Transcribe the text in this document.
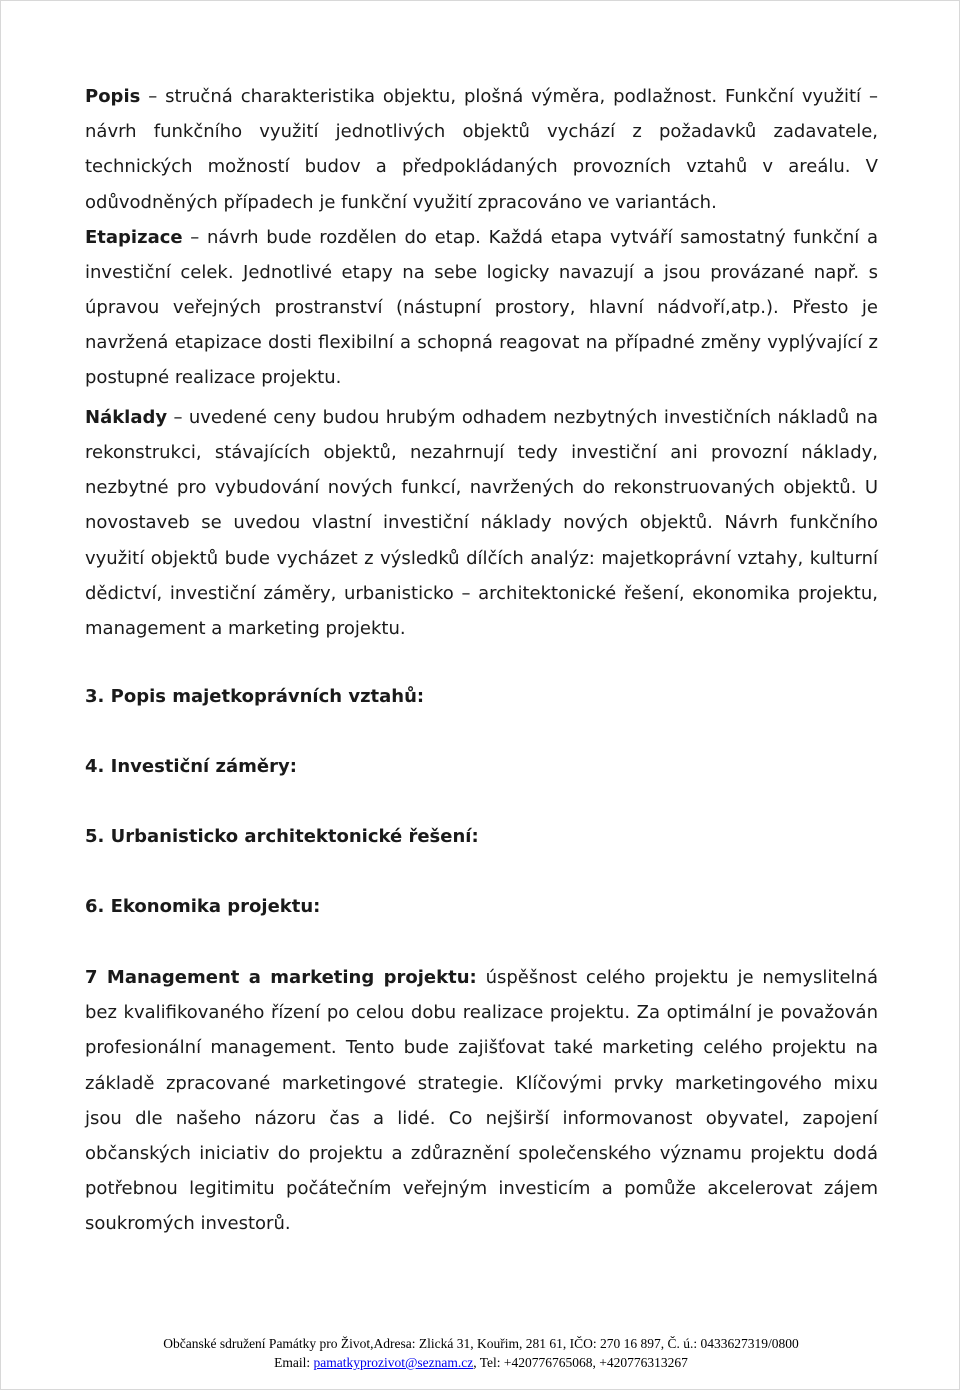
Popis – stručná charakteristika objektu, plošná výměra, podlažnost. Funkční využití – návrh funkčního využití jednotlivých objektů vychází z požadavků zadavatele, technických možností budov a předpokládaných provozních vztahů v areálu. V odůvodněných případech je funkční využití zpracováno ve variantách.

Etapizace – návrh bude rozdělen do etap. Každá etapa vytváří samostatný funkční a investiční celek. Jednotlivé etapy na sebe logicky navazují a jsou provázané např. s úpravou veřejných prostranství (nástupní prostory, hlavní nádvoří,atp.). Přesto je navržená etapizace dosti flexibilní a schopná reagovat na případné změny vyplývající z postupné realizace projektu.

Náklady – uvedené ceny budou hrubým odhadem nezbytných investičních nákladů na rekonstrukci, stávajících objektů, nezahrnují tedy investiční ani provozní náklady, nezbytné pro vybudování nových funkcí, navržených do rekonstruovaných objektů. U novostaveb se uvedou vlastní investiční náklady nových objektů. Návrh funkčního využití objektů bude vycházet z výsledků dílčích analýz: majetkoprávní vztahy, kulturní dědictví, investiční záměry, urbanisticko – architektonické řešení, ekonomika projektu, management a marketing projektu.

3. Popis majetkoprávních vztahů:

4. Investiční záměry:

5. Urbanisticko architektonické řešení:

6. Ekonomika projektu:

7 Management a marketing projektu: úspěšnost celého projektu je nemyslitelná bez kvalifikovaného řízení po celou dobu realizace projektu. Za optimální je považován profesionální management. Tento bude zajišťovat také marketing celého projektu na základě zpracované marketingové strategie. Klíčovými prvky marketingového mixu jsou dle našeho názoru čas a lidé. Co nejširší informovanost obyvatel, zapojení občanských iniciativ do projektu a zdůraznění společenského významu projektu dodá potřebnou legitimitu počátečním veřejným investicím a pomůže akcelerovat zájem soukromých investorů.

Občanské sdružení Památky pro Život,Adresa: Zlická 31, Kouřim, 281 61, IČO: 270 16 897, Č. ú.: 0433627319/0800
Email: pamatkyprozivot@seznam.cz, Tel: +420776765068, +420776313267
